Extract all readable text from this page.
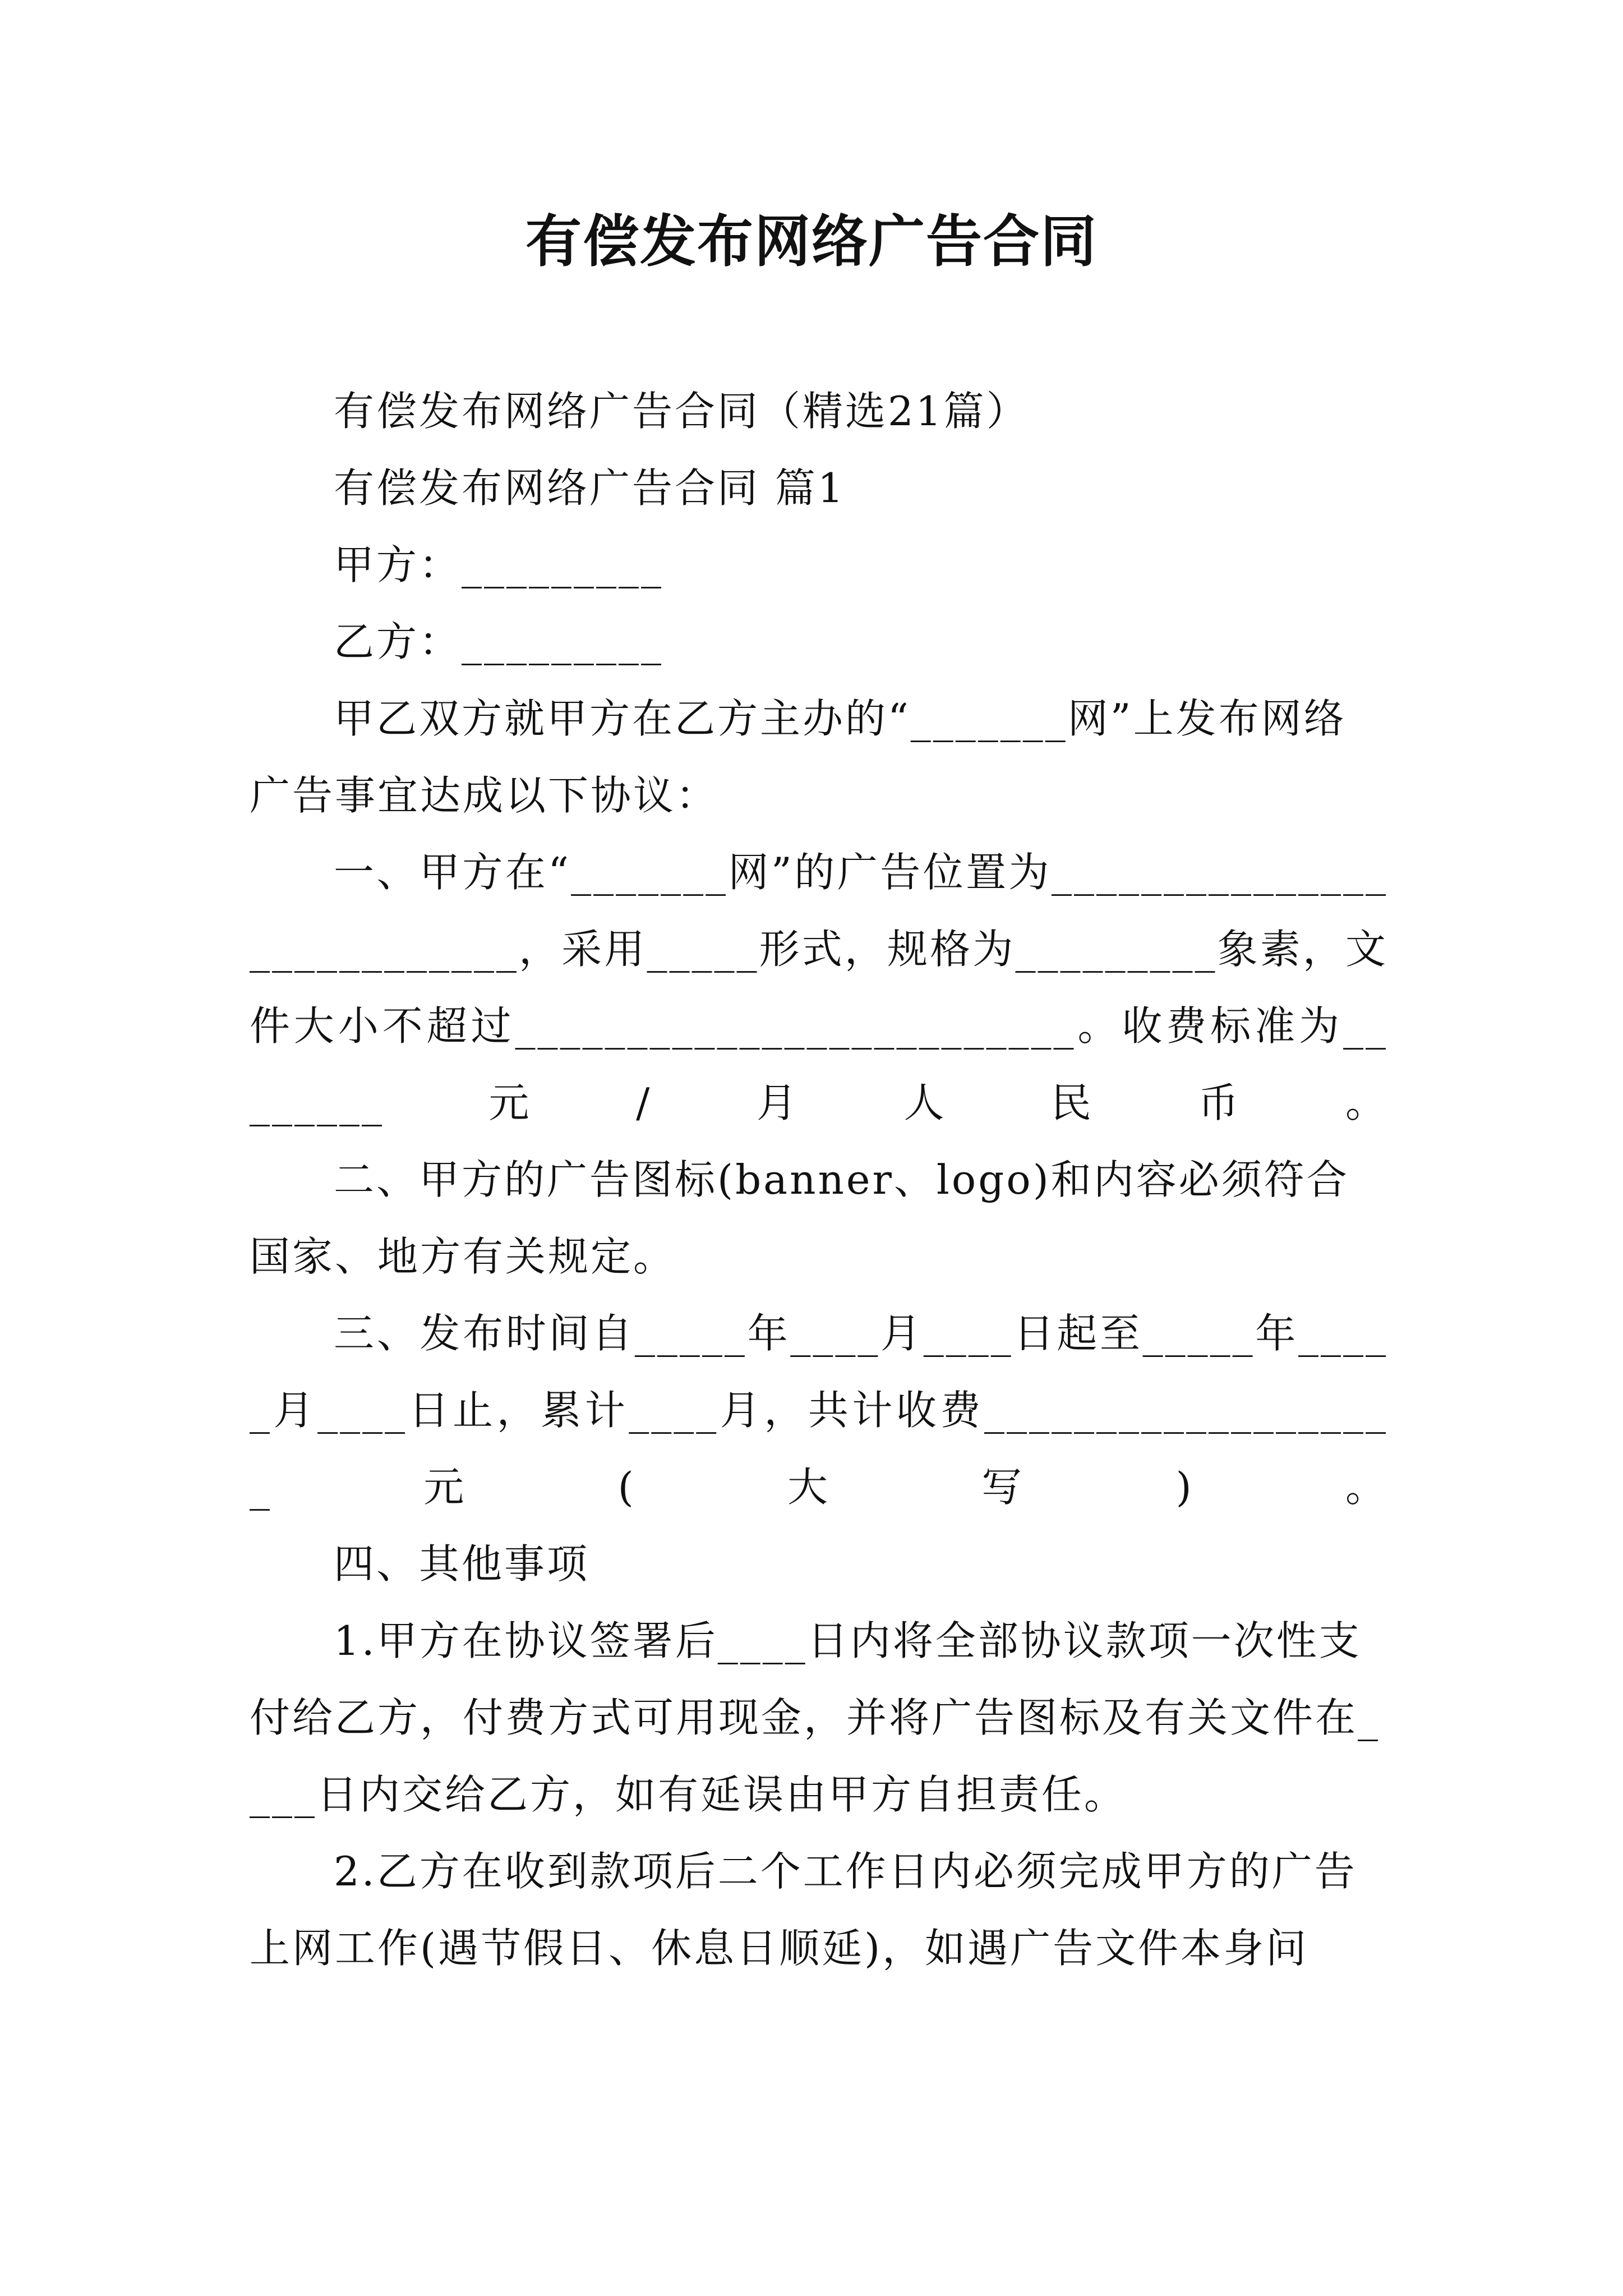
有偿发布网络广告合同

有偿发布网络广告合同（精选21篇）

有偿发布网络广告合同 篇1

甲方：_________

乙方：_________

甲乙双方就甲方在乙方主办的“_______网”上发布网络广告事宜达成以下协议：

一、甲方在“_______网”的广告位置为___________________________，采用_____形式，规格为_________象素，文件大小不超过_________________________。收费标准为________元/月人民币。

二、甲方的广告图标(banner、logo)和内容必须符合国家、地方有关规定。

三、发布时间自_____年____月____日起至_____年_____月____日止，累计____月，共计收费___________________元(大写)。

四、其他事项

1.甲方在协议签署后____日内将全部协议款项一次性支付给乙方，付费方式可用现金，并将广告图标及有关文件在____日内交给乙方，如有延误由甲方自担责任。

2.乙方在收到款项后二个工作日内必须完成甲方的广告上网工作(遇节假日、休息日顺延)，如遇广告文件本身问
